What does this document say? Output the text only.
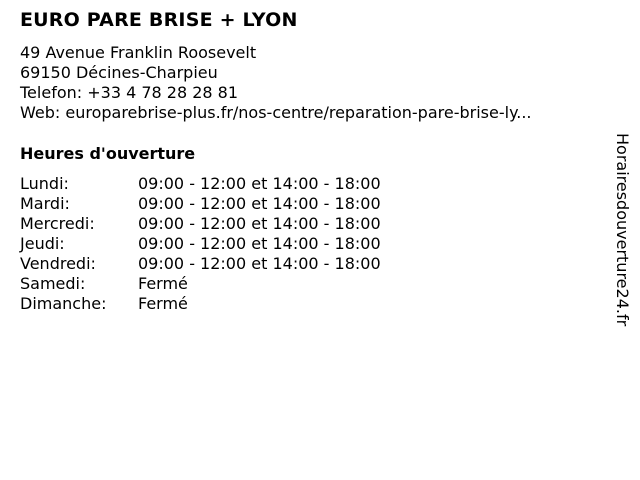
EURO PARE BRISE + LYON
49 Avenue Franklin Roosevelt
69150 Décines-Charpieu
Telefon: +33 4 78 28 28 81
Web: europarebrise-plus.fr/nos-centre/reparation-pare-brise-ly...
Heures d'ouverture
Lundi:	09:00 - 12:00 et 14:00 - 18:00
Mardi:	09:00 - 12:00 et 14:00 - 18:00
Mercredi:	09:00 - 12:00 et 14:00 - 18:00
Jeudi:	09:00 - 12:00 et 14:00 - 18:00
Vendredi:	09:00 - 12:00 et 14:00 - 18:00
Samedi:	Fermé
Dimanche:	Fermé	Horairesdouverture24.fr
